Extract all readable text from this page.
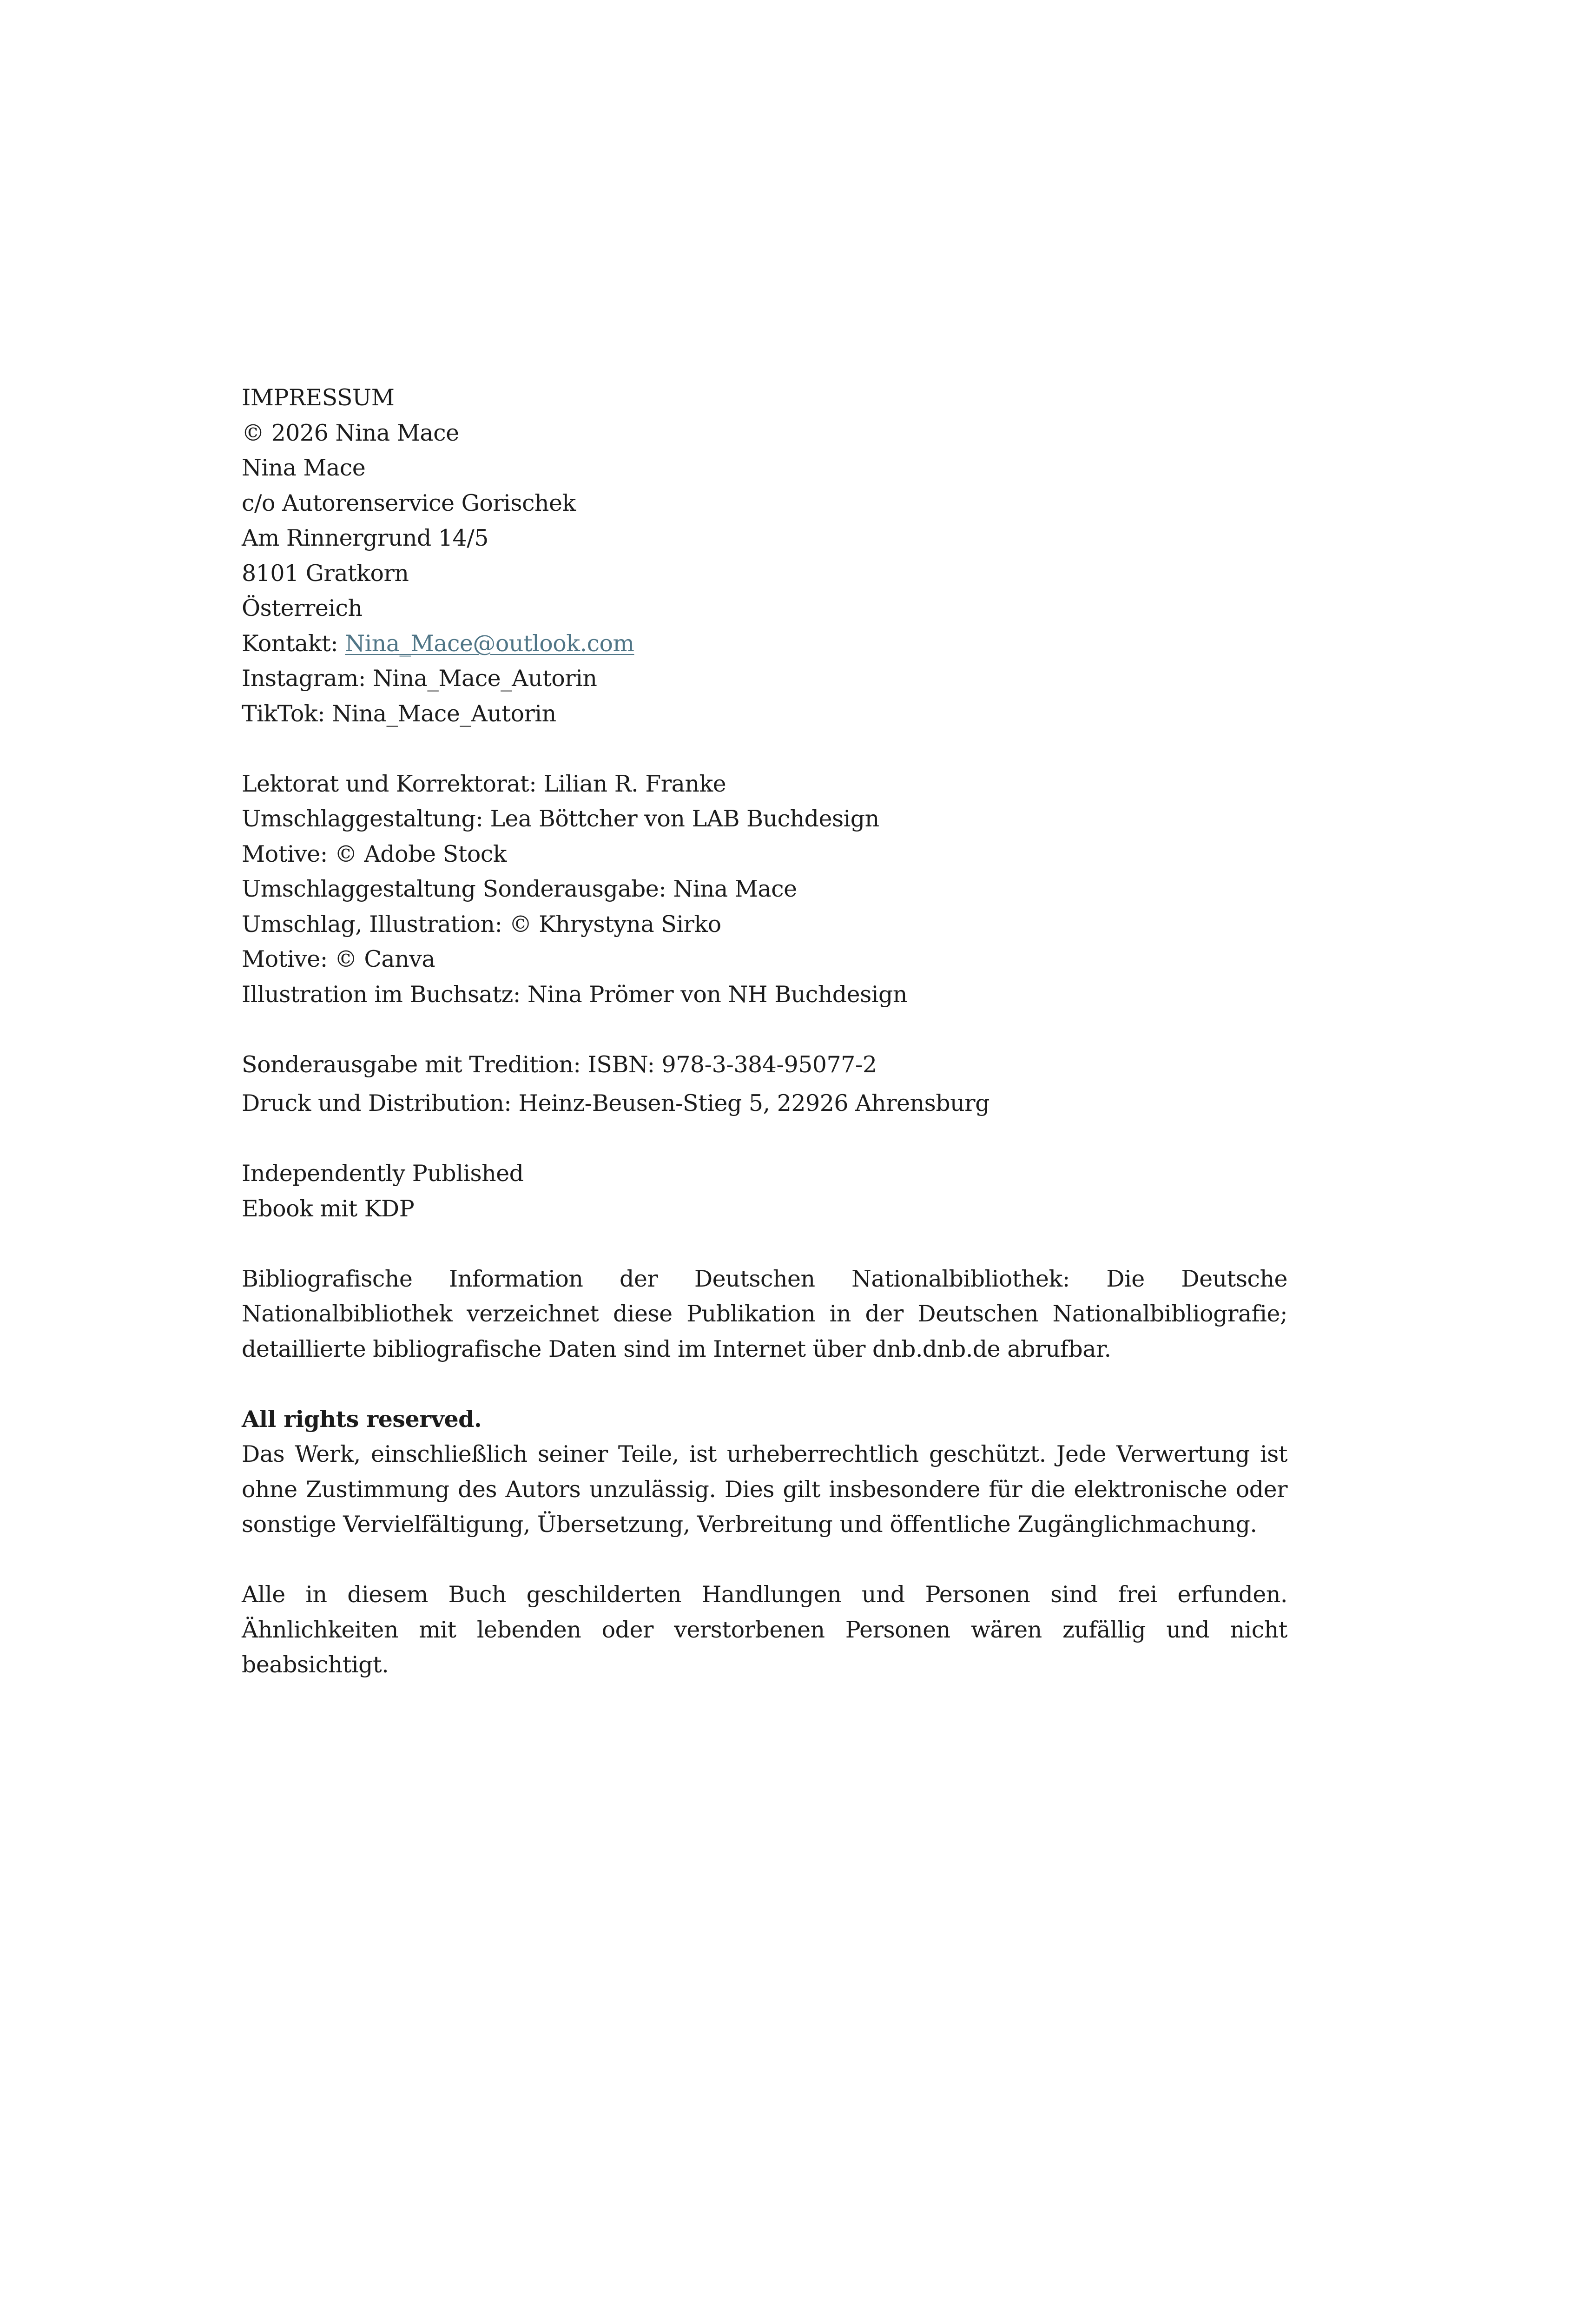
IMPRESSUM
© 2026 Nina Mace
Nina Mace
c/o Autorenservice Gorischek
Am Rinnergrund 14/5
8101 Gratkorn
Österreich
Kontakt: Nina_Mace@outlook.com
Instagram: Nina_Mace_Autorin
TikTok: Nina_Mace_Autorin
Lektorat und Korrektorat: Lilian R. Franke
Umschlaggestaltung: Lea Böttcher von LAB Buchdesign
Motive: © Adobe Stock
Umschlaggestaltung Sonderausgabe: Nina Mace
Umschlag, Illustration: © Khrystyna Sirko
Motive: © Canva
Illustration im Buchsatz: Nina Prömer von NH Buchdesign
Sonderausgabe mit Tredition: ISBN: 978-3-384-95077-2
Druck und Distribution: Heinz-Beusen-Stieg 5, 22926 Ahrensburg
Independently Published
Ebook mit KDP
Bibliografische Information der Deutschen Nationalbibliothek: Die Deutsche Nationalbibliothek verzeichnet diese Publikation in der Deutschen Nationalbibliografie; detaillierte bibliografische Daten sind im Internet über dnb.dnb.de abrufbar.
All rights reserved.
Das Werk, einschließlich seiner Teile, ist urheberrechtlich geschützt. Jede Verwertung ist ohne Zustimmung des Autors unzulässig. Dies gilt insbesondere für die elektronische oder sonstige Vervielfältigung, Übersetzung, Verbreitung und öffentliche Zugänglichmachung.
Alle in diesem Buch geschilderten Handlungen und Personen sind frei erfunden. Ähnlichkeiten mit lebenden oder verstorbenen Personen wären zufällig und nicht beabsichtigt.
